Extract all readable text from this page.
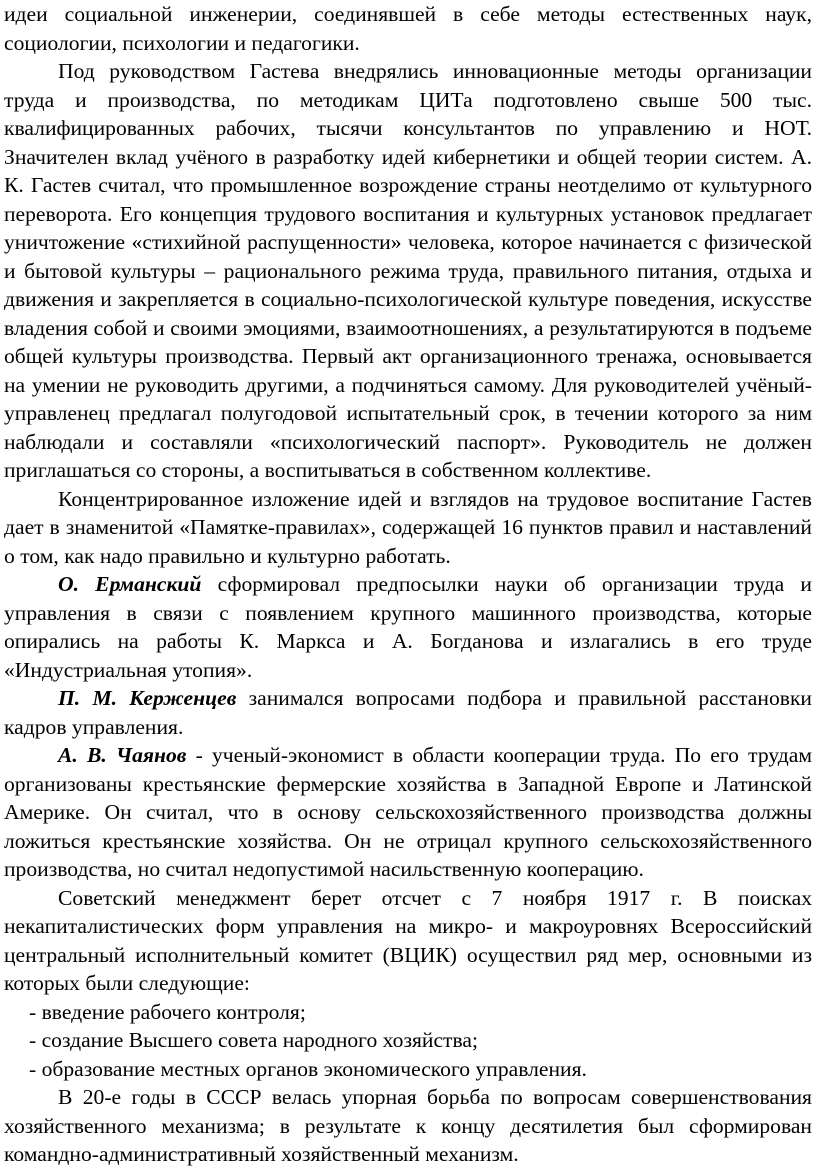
идеи социальной инженерии, соединявшей в себе методы естественных наук, социологии, психологии и педагогики.

Под руководством Гастева внедрялись инновационные методы организации труда и производства, по методикам ЦИТа подготовлено свыше 500 тыс. квалифицированных рабочих, тысячи консультантов по управлению и НОТ. Значителен вклад учёного в разработку идей кибернетики и общей теории систем. А. К. Гастев считал, что промышленное возрождение страны неотделимо от культурного переворота. Его концепция трудового воспитания и культурных установок предлагает уничтожение «стихийной распущенности» человека, которое начинается с физической и бытовой культуры – рационального режима труда, правильного питания, отдыха и движения и закрепляется в социально-психологической культуре поведения, искусстве владения собой и своими эмоциями, взаимоотношениях, а результатируются в подъеме общей культуры производства. Первый акт организационного тренажа, основывается на умении не руководить другими, а подчиняться самому. Для руководителей учёный-управленец предлагал полугодовой испытательный срок, в течении которого за ним наблюдали и составляли «психологический паспорт». Руководитель не должен приглашаться со стороны, а воспитываться в собственном коллективе.

Концентрированное изложение идей и взглядов на трудовое воспитание Гастев дает в знаменитой «Памятке-правилах», содержащей 16 пунктов правил и наставлений о том, как надо правильно и культурно работать.

О. Ерманский сформировал предпосылки науки об организации труда и управления в связи с появлением крупного машинного производства, которые опирались на работы К. Маркса и А. Богданова и излагались в его труде «Индустриальная утопия».

П. М. Керженцев занимался вопросами подбора и правильной расстановки кадров управления.

А. В. Чаянов - ученый-экономист в области кооперации труда. По его трудам организованы крестьянские фермерские хозяйства в Западной Европе и Латинской Америке. Он считал, что в основу сельскохозяйственного производства должны ложиться крестьянские хозяйства. Он не отрицал крупного сельскохозяйственного производства, но считал недопустимой насильственную кооперацию.

Советский менеджмент берет отсчет с 7 ноября 1917 г. В поисках некапиталистических форм управления на микро- и макроуровнях Всероссийский центральный исполнительный комитет (ВЦИК) осуществил ряд мер, основными из которых были следующие:

- введение рабочего контроля;

- создание Высшего совета народного хозяйства;

- образование местных органов экономического управления.

В 20-е годы в СССР велась упорная борьба по вопросам совершенствования хозяйственного механизма; в результате к концу десятилетия был сформирован командно-административный хозяйственный механизм.
